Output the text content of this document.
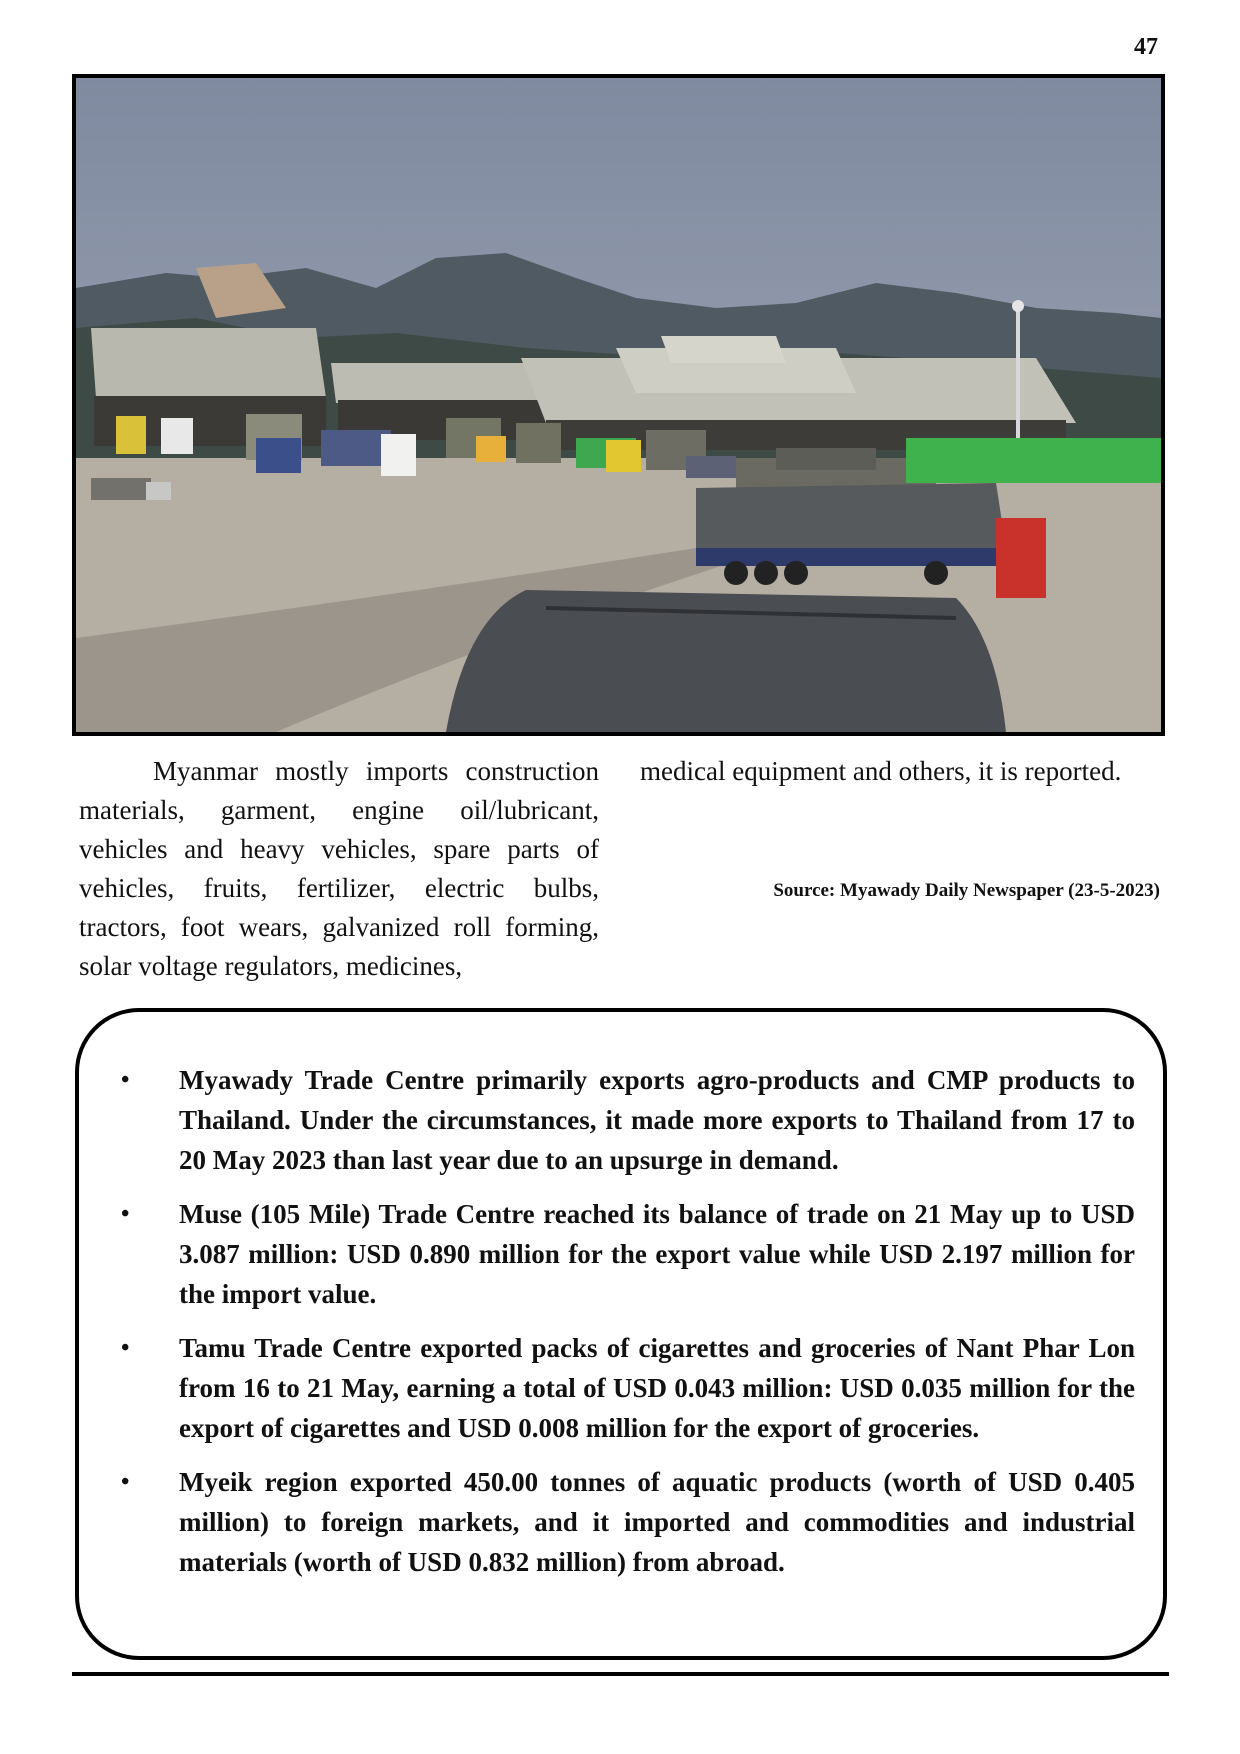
47

Myanmar mostly imports construction materials, garment, engine oil/lubricant, vehicles and heavy vehicles, spare parts of vehicles, fruits, fertilizer, electric bulbs, tractors, foot wears, galvanized roll forming, solar voltage regulators, medicines,

medical equipment and others, it is reported.

Source: Myawady Daily Newspaper (23-5-2023)
• Myawady Trade Centre primarily exports agro-products and CMP products to Thailand. Under the circumstances, it made more exports to Thailand from 17 to 20 May 2023 than last year due to an upsurge in demand.
• Muse (105 Mile) Trade Centre reached its balance of trade on 21 May up to USD 3.087 million: USD 0.890 million for the export value while USD 2.197 million for the import value.
• Tamu Trade Centre exported packs of cigarettes and groceries of Nant Phar Lon from 16 to 21 May, earning a total of USD 0.043 million: USD 0.035 million for the export of cigarettes and USD 0.008 million for the export of groceries.
• Myeik region exported 450.00 tonnes of aquatic products (worth of USD 0.405 million) to foreign markets, and it imported and commodities and industrial materials (worth of USD 0.832 million) from abroad.
